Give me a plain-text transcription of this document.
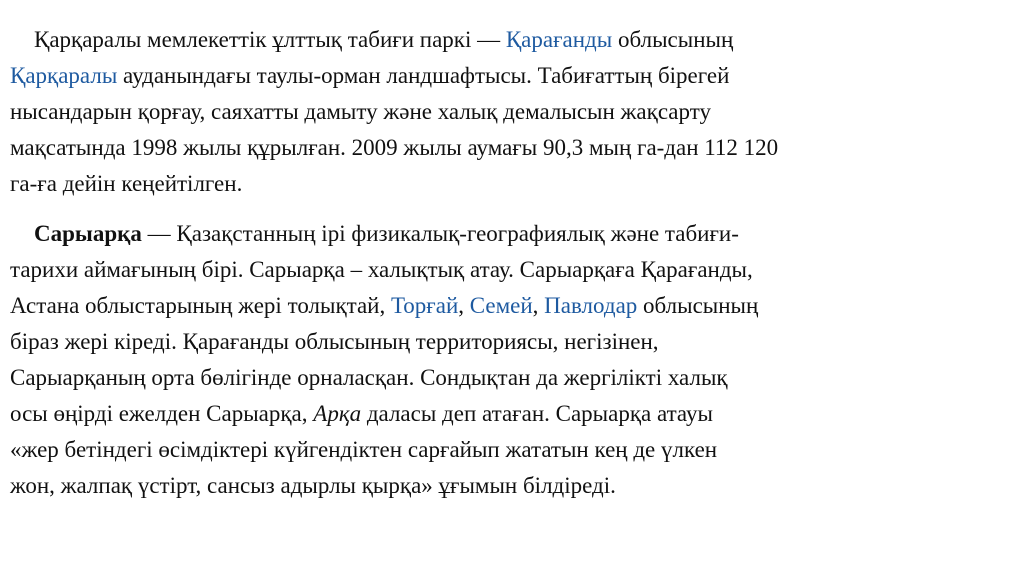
Қарқаралы мемлекеттік ұлттық табиғи паркі — Қарағанды облысының
Қарқаралы ауданындағы таулы-орман ландшафтысы. Табиғаттың бірегей
нысандарын қорғау, саяхатты дамыту және халық демалысын жақсарту
мақсатында 1998 жылы құрылған. 2009 жылы аумағы 90,3 мың га-дан 112 120
га-ға дейін кеңейтілген.
Сарыарқа — Қазақстанның ірі физикалық-географиялық және табиғи-
тарихи аймағының бірі. Сарыарқа – халықтық атау. Сарыарқаға Қарағанды,
Астана облыстарының жері толықтай, Торғай, Семей, Павлодар облысының
біраз жері кіреді. Қарағанды облысының территориясы, негізінен,
Сарыарқаның орта бөлігінде орналасқан. Сондықтан да жергілікті халық
осы өңірді ежелден Сарыарқа, Арқа даласы деп атаған. Сарыарқа атауы
«жер бетіндегі өсімдіктері күйгендіктен сарғайып жататын кең де үлкен
жон, жалпақ үстірт, сансыз адырлы қырқа» ұғымын білдіреді.
